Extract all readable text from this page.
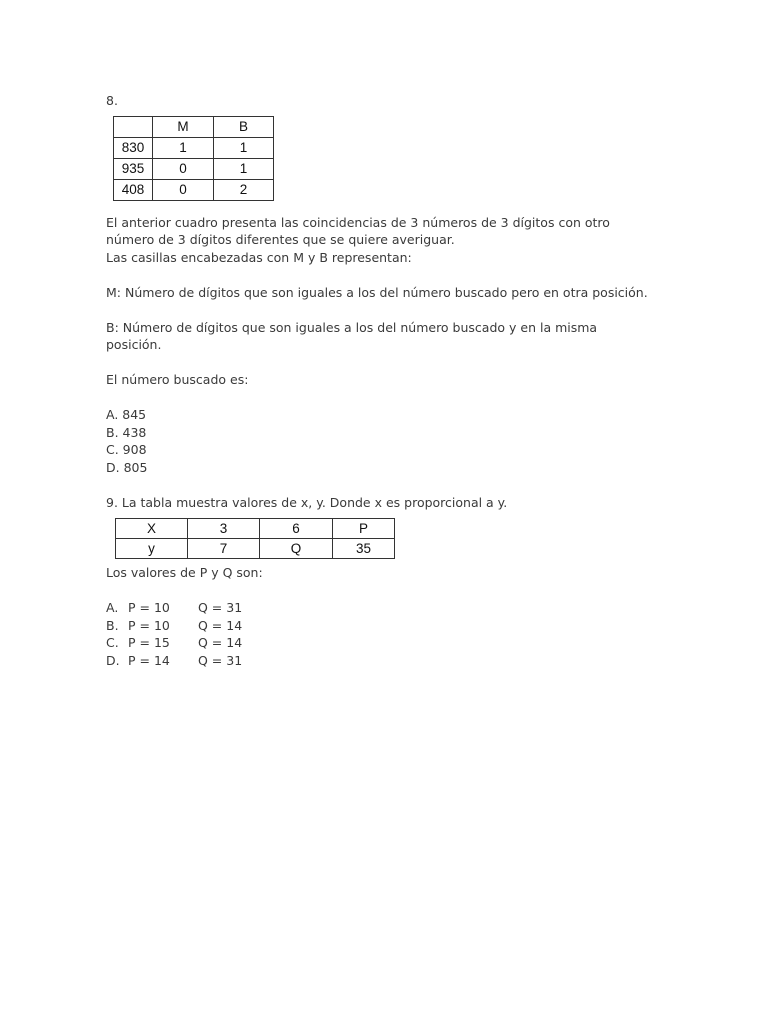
8.

	M	B
830	1	1
935	0	1
408	0	2

El anterior cuadro presenta las coincidencias de 3 números de 3 dígitos con otro

número de 3 dígitos diferentes que se quiere averiguar.

Las casillas encabezadas con M y B representan:

M: Número de dígitos que son iguales a los del número buscado pero en otra posición.

B: Número de dígitos que son iguales a los del número buscado y en la misma

posición.

El número buscado es:

A. 845

B. 438

C. 908

D. 805

9. La tabla muestra valores de x, y. Donde x es proporcional a y.

X	3	6	P
y	7	Q	35

Los valores de P y Q son:

A. P = 10 Q = 31

B. P = 10 Q = 14

C. P = 15 Q = 14

D. P = 14 Q = 31
